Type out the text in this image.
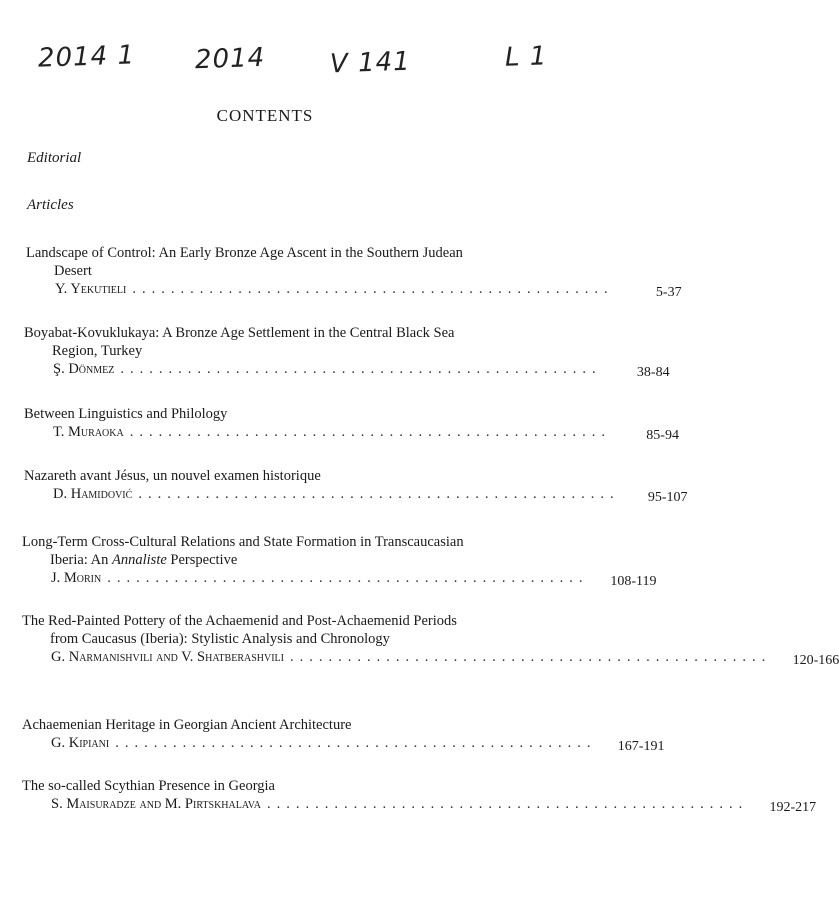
2014 1 2014 V 141	L 1
CONTENTS
Editorial
Articles
Landscape of Control: An Early Bronze Age Ascent in the Southern Judean Desert
Y. Yekutieli ..................................................	5-37
Boyabat-Kovuklukaya: A Bronze Age Settlement in the Central Black Sea Region, Turkey
Ş. Dönmez ..................................................	38-84
Between Linguistics and Philology
T. Muraoka ..................................................	85-94
Nazareth avant Jésus, un nouvel examen historique
D. Hamidović ..................................................	95-107
Long-Term Cross-Cultural Relations and State Formation in Transcaucasian Iberia: An Annaliste Perspective
J. Morin ..................................................	108-119
The Red-Painted Pottery of the Achaemenid and Post-Achaemenid Periods from Caucasus (Iberia): Stylistic Analysis and Chronology
G. Narmanishvili and V. Shatberashvili ..................................................	120-166
Achaemenian Heritage in Georgian Ancient Architecture
G. Kipiani ..................................................	167-191
The so-called Scythian Presence in Georgia
S. Maisuradze and M. Pirtskhalava ..................................................	192-217
